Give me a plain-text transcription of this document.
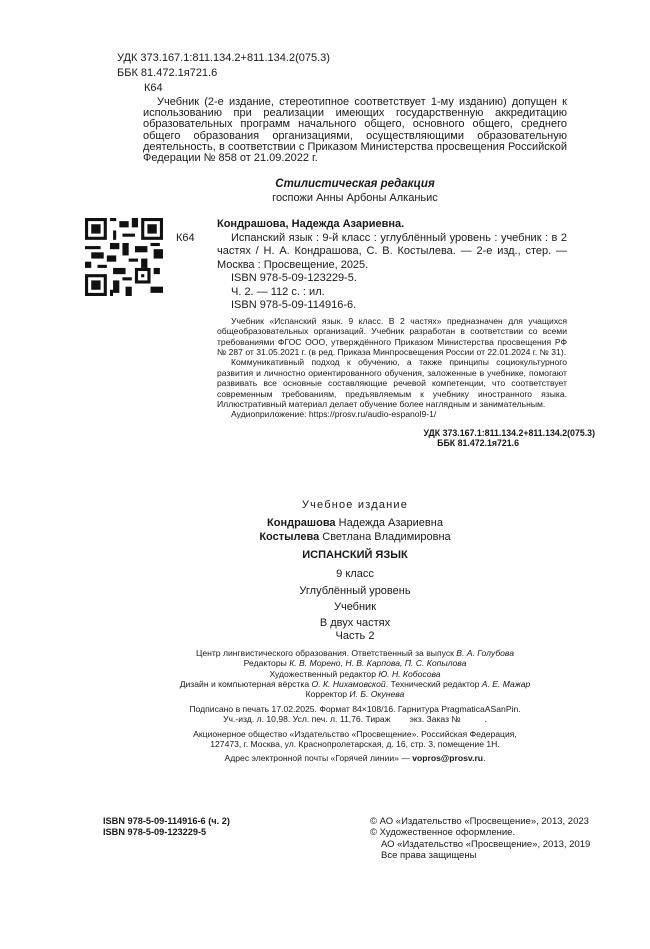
УДК 373.167.1:811.134.2+811.134.2(075.3)
ББК 81.472.1я721.6
К64

Учебник (2-е издание, стереотипное соответствует 1-му изданию) допущен к использованию при реализации имеющих государственную аккредитацию образовательных программ начального общего, основного общего, среднего общего образования организациями, осуществляющими образовательную деятельность, в соответствии с Приказом Министерства просвещения Российской Федерации № 858 от 21.09.2022 г.

Стилистическая редакция
госпожи Анны Арбоны Алканьис
Кондрашова, Надежда Азариевна.
К64	Испанский язык : 9-й класс : углублённый уровень : учебник : в 2 частях / Н. А. Кондрашова, С. В. Костылева. — 2-е изд., стер. — Москва : Просвещение, 2025.

ISBN 978-5-09-123229-5.
Ч. 2. — 112 с. : ил.
ISBN 978-5-09-114916-6.

Учебник «Испанский язык. 9 класс. В 2 частях» предназначен для учащихся общеобразовательных организаций. Учебник разработан в соответствии со всеми требованиями ФГОС ООО, утверждённого Приказом Министерства просвещения РФ № 287 от 31.05.2021 г. (в ред. Приказа Минпросвещения России от 22.01.2024 г. № 31).

Коммуникативный подход к обучению, а также принципы социокультурного развития и личностно ориентированного обучения, заложенные в учебнике, помогают развивать все основные составляющие речевой компетенции, что соответствует современным требованиям, предъявляемым к учебнику иностранного языка. Иллюстративный материал делает обучение более наглядным и занимательным.

Аудиоприложение: https://prosv.ru/audio-espanol9-1/

УДК 373.167.1:811.134.2+811.134.2(075.3)
ББК 81.472.1я721.6
Учебное издание
Кондрашова Надежда Азариевна
Костылева Светлана Владимировна
ИСПАНСКИЙ ЯЗЫК
9 класс
Углублённый уровень
Учебник
В двух частях
Часть 2
Центр лингвистического образования. Ответственный за выпуск В. А. Голубова
Редакторы К. В. Морено, Н. В. Карпова, П. С. Копылова
Художественный редактор Ю. Н. Кобосова
Дизайн и компьютерная вёрстка О. К. Нихамовской. Технический редактор А. Е. Мажар
Корректор И. Б. Окунева
Подписано в печать 17.02.2025. Формат 84×108/16. Гарнитура PragmaticaASanPin.
Уч.-изд. л. 10,98. Усл. печ. л. 11,76. Тираж        экз. Заказ №          .
Акционерное общество «Издательство «Просвещение». Российская Федерация,
127473, г. Москва, ул. Краснопролетарская, д. 16, стр. 3, помещение 1Н.
Адрес электронной почты «Горячей линии» — vopros@prosv.ru.
ISBN 978-5-09-114916-6 (ч. 2)
ISBN 978-5-09-123229-5
© АО «Издательство «Просвещение», 2013, 2023
© Художественное оформление.
АО «Издательство «Просвещение», 2013, 2019
Все права защищены
